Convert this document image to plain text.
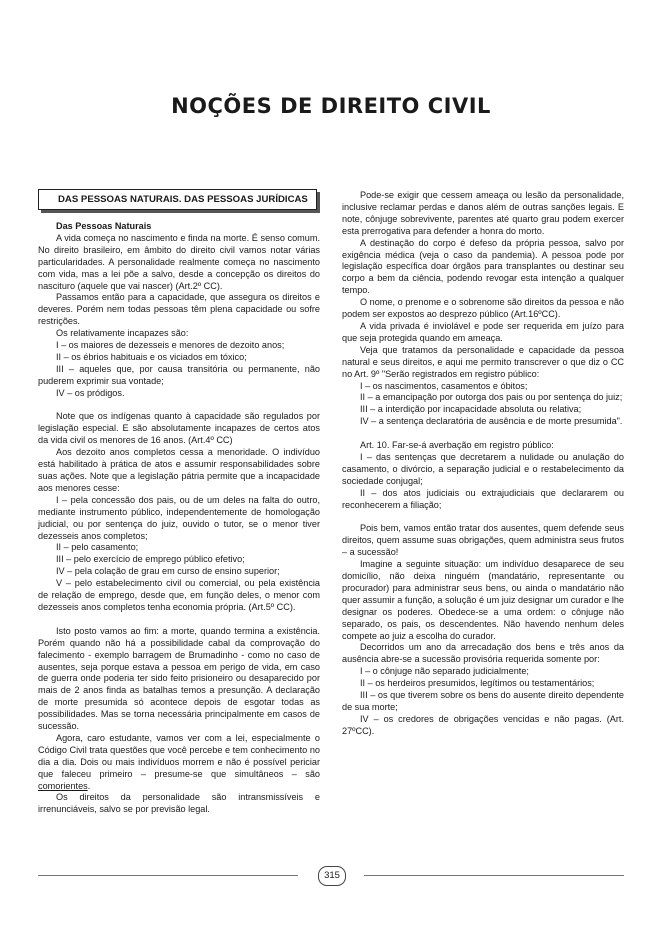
NOÇÕES DE DIREITO CIVIL
DAS PESSOAS NATURAIS. DAS PESSOAS JURÍDICAS

Das Pessoas Naturais

A vida começa no nascimento e finda na morte. É senso comum. No direito brasileiro, em âmbito do direito civil vamos notar várias particularidades. A personalidade realmente começa no nascimento com vida, mas a lei põe a salvo, desde a concepção os direitos do nascituro (aquele que vai nascer) (Art.2º CC).

Passamos então para a capacidade, que assegura os direitos e deveres. Porém nem todas pessoas têm plena capacidade ou sofre restrições.

Os relativamente incapazes são:

I – os maiores de dezesseis e menores de dezoito anos;

II – os ébrios habituais e os viciados em tóxico;

III – aqueles que, por causa transitória ou permanente, não puderem exprimir sua vontade;

IV – os pródigos.

Note que os indígenas quanto à capacidade são regulados por legislação especial. E são absolutamente incapazes de certos atos da vida civil os menores de 16 anos. (Art.4º CC)

Aos dezoito anos completos cessa a menoridade. O indivíduo está habilitado à prática de atos e assumir responsabilidades sobre suas ações. Note que a legislação pátria permite que a incapacidade aos menores cesse:

I – pela concessão dos pais, ou de um deles na falta do outro, mediante instrumento público, independentemente de homologação judicial, ou por sentença do juiz, ouvido o tutor, se o menor tiver dezesseis anos completos;

II – pelo casamento;

III – pelo exercício de emprego público efetivo;

IV – pela colação de grau em curso de ensino superior;

V – pelo estabelecimento civil ou comercial, ou pela existência de relação de emprego, desde que, em função deles, o menor com dezesseis anos completos tenha economia própria. (Art.5º CC).

Isto posto vamos ao fim: a morte, quando termina a existência. Porém quando não há a possibilidade cabal da comprovação do falecimento - exemplo barragem de Brumadinho - como no caso de ausentes, seja porque estava a pessoa em perigo de vida, em caso de guerra onde poderia ter sido feito prisioneiro ou desaparecido por mais de 2 anos finda as batalhas temos a presunção. A declaração de morte presumida só acontece depois de esgotar todas as possibilidades. Mas se torna necessária principalmente em casos de sucessão.

Agora, caro estudante, vamos ver com a lei, especialmente o Código Civil trata questões que você percebe e tem conhecimento no dia a dia. Dois ou mais indivíduos morrem e não é possível periciar que faleceu primeiro – presume-se que simultâneos – são comorientes.

Os direitos da personalidade são intransmissíveis e irrenunciáveis, salvo se por previsão legal.

Pode-se exigir que cessem ameaça ou lesão da personalidade, inclusive reclamar perdas e danos além de outras sanções legais. E note, cônjuge sobrevivente, parentes até quarto grau podem exercer esta prerrogativa para defender a honra do morto.

A destinação do corpo é defeso da própria pessoa, salvo por exigência médica (veja o caso da pandemia). A pessoa pode por legislação específica doar órgãos para transplantes ou destinar seu corpo a bem da ciência, podendo revogar esta intenção a qualquer tempo.

O nome, o prenome e o sobrenome são direitos da pessoa e não podem ser expostos ao desprezo público (Art.16ºCC).

A vida privada é inviolável e pode ser requerida em juízo para que seja protegida quando em ameaça.

Veja que tratamos da personalidade e capacidade da pessoa natural e seus direitos, e aqui me permito transcrever o que diz o CC no Art. 9º "Serão registrados em registro público:

I – os nascimentos, casamentos e óbitos;

II – a emancipação por outorga dos pais ou por sentença do juiz;

III – a interdição por incapacidade absoluta ou relativa;

IV – a sentença declaratória de ausência e de morte presumida".

Art. 10. Far-se-á averbação em registro público:

I – das sentenças que decretarem a nulidade ou anulação do casamento, o divórcio, a separação judicial e o restabelecimento da sociedade conjugal;

II – dos atos judiciais ou extrajudiciais que declararem ou reconhecerem a filiação;

Pois bem, vamos então tratar dos ausentes, quem defende seus direitos, quem assume suas obrigações, quem administra seus frutos – a sucessão!

Imagine a seguinte situação: um indivíduo desaparece de seu domicílio, não deixa ninguém (mandatário, representante ou procurador) para administrar seus bens, ou ainda o mandatário não quer assumir a função, a solução é um juiz designar um curador e lhe designar os poderes. Obedece-se a uma ordem: o cônjuge não separado, os pais, os descendentes. Não havendo nenhum deles compete ao juiz a escolha do curador.

Decorridos um ano da arrecadação dos bens e três anos da ausência abre-se a sucessão provisória requerida somente por:

I – o cônjuge não separado judicialmente;

II – os herdeiros presumidos, legítimos ou testamentários;

III – os que tiverem sobre os bens do ausente direito dependente de sua morte;

IV – os credores de obrigações vencidas e não pagas. (Art. 27ºCC).

315
